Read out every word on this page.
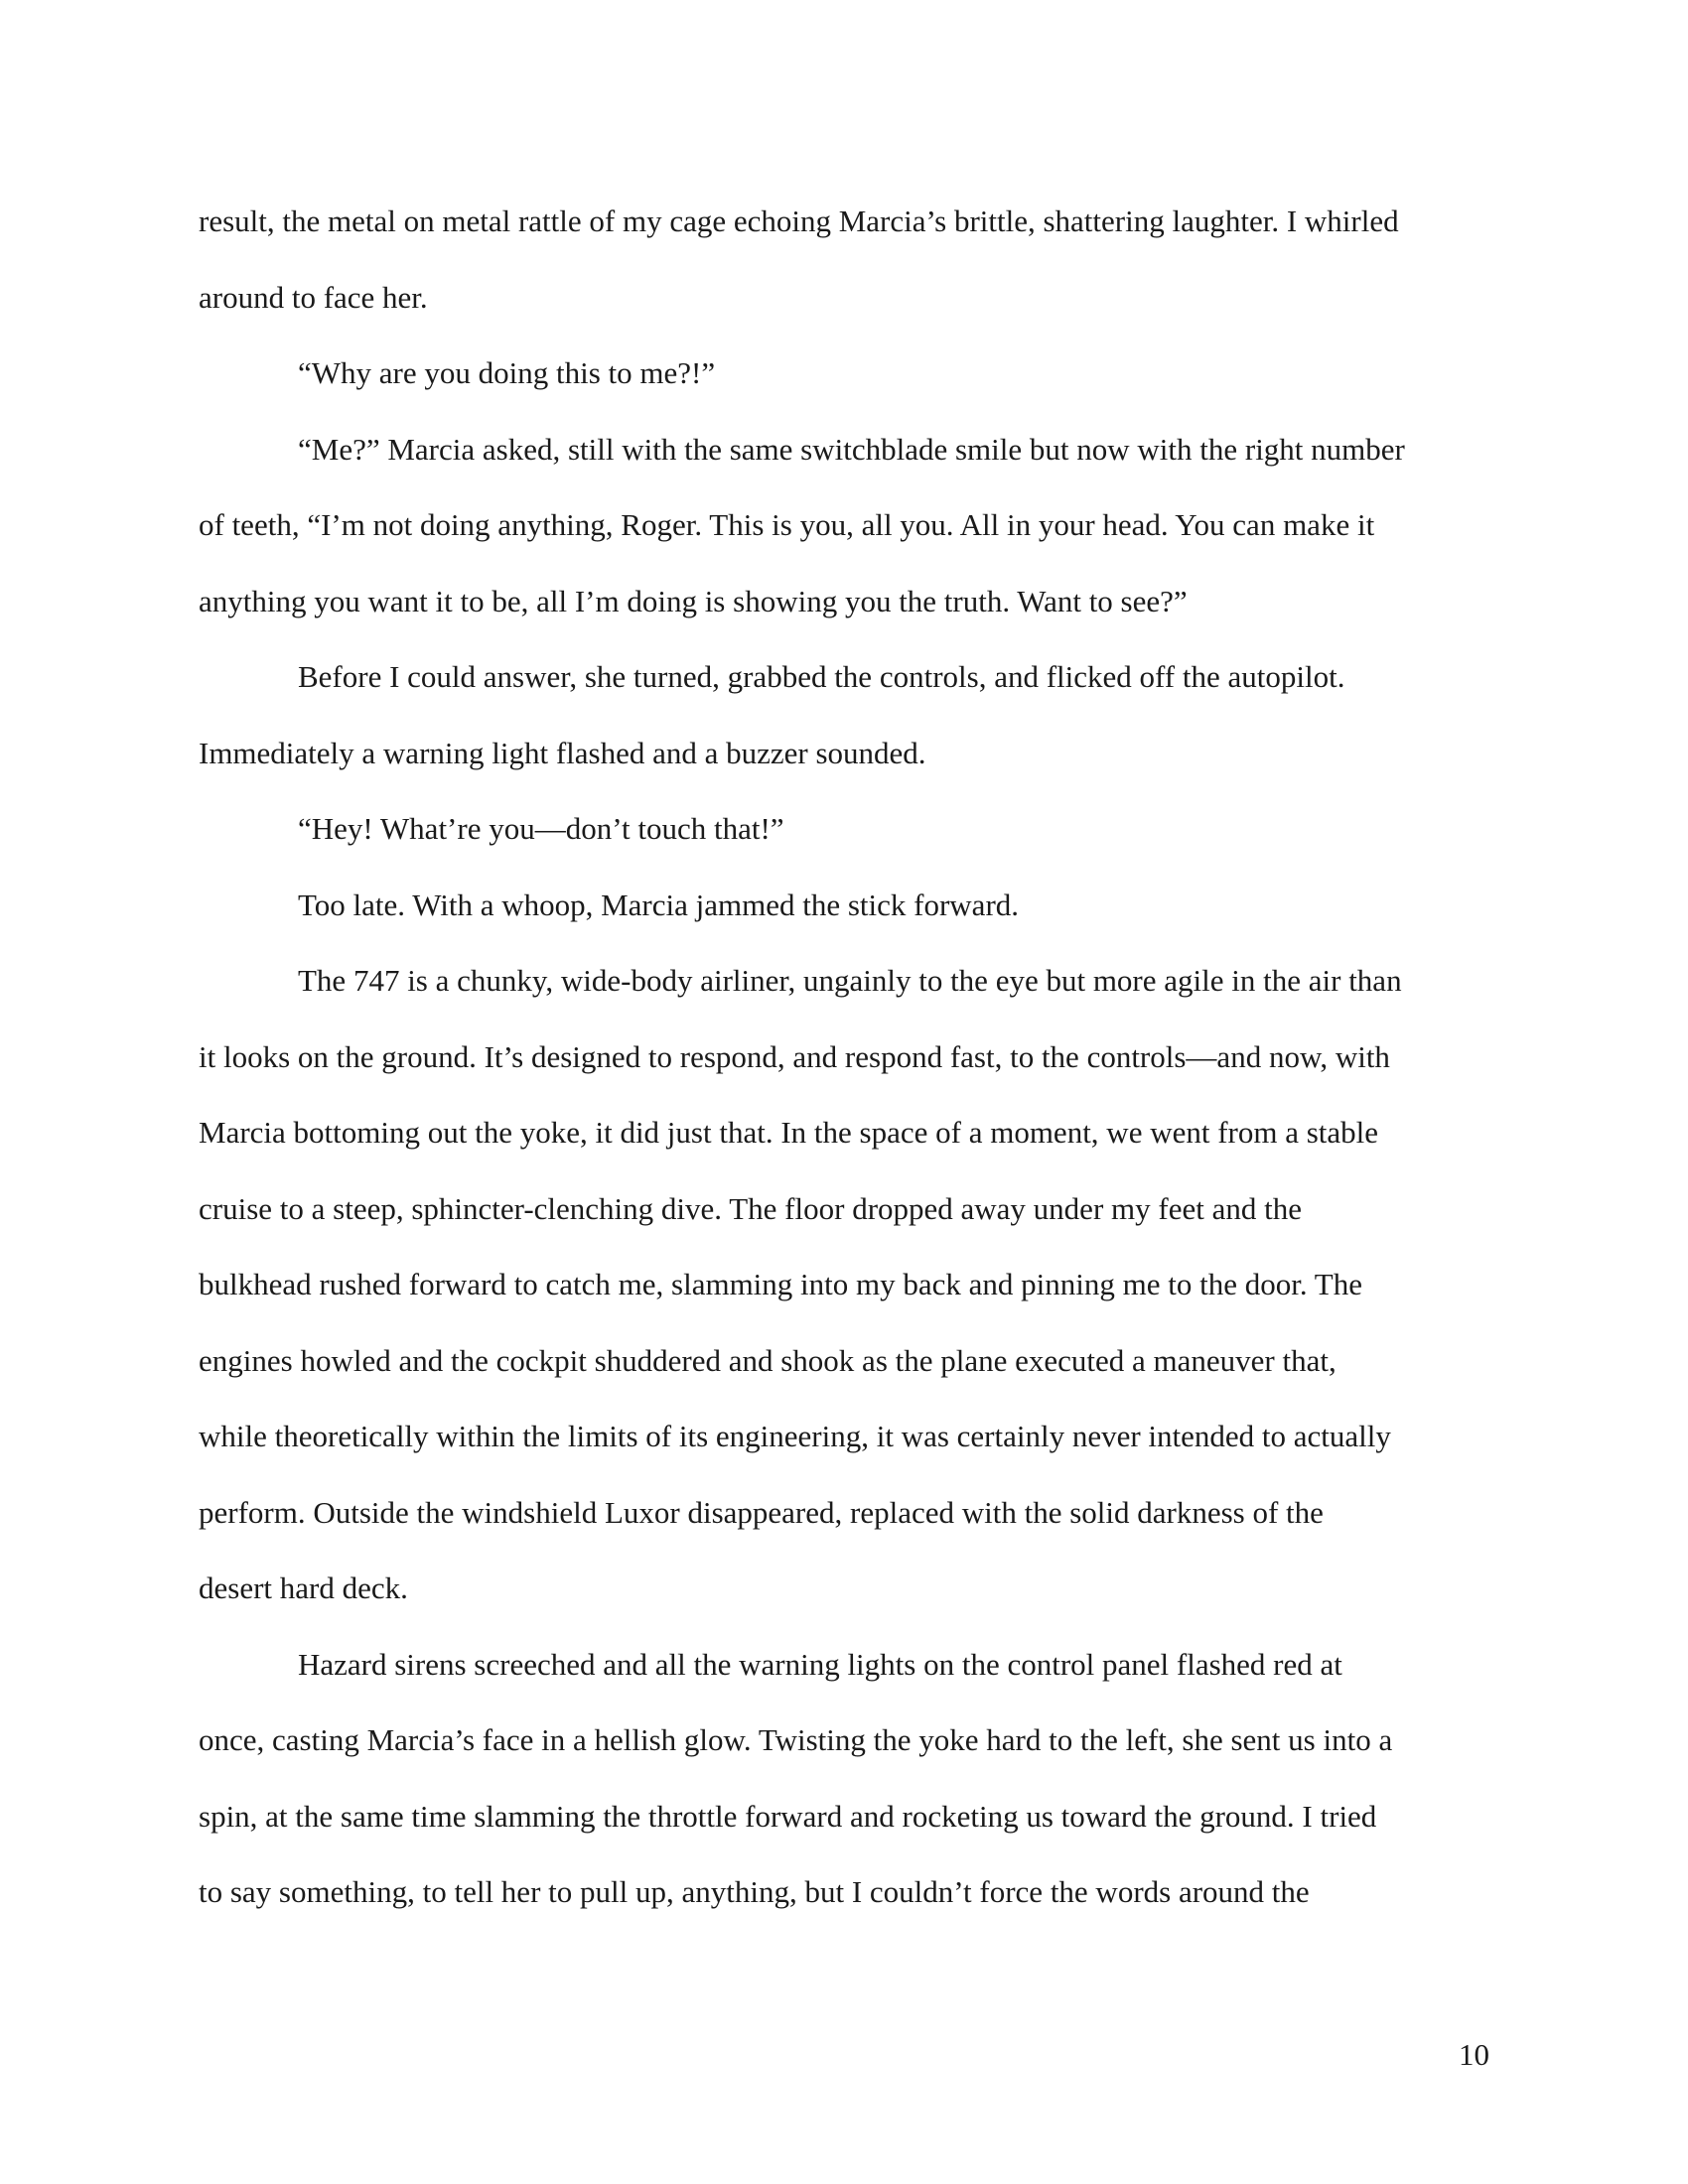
result, the metal on metal rattle of my cage echoing Marcia’s brittle, shattering laughter. I whirled
around to face her.

“Why are you doing this to me?!”

“Me?” Marcia asked, still with the same switchblade smile but now with the right number
of teeth, “I’m not doing anything, Roger. This is you, all you. All in your head. You can make it
anything you want it to be, all I’m doing is showing you the truth. Want to see?”

Before I could answer, she turned, grabbed the controls, and flicked off the autopilot.
Immediately a warning light flashed and a buzzer sounded.

“Hey! What’re you—don’t touch that!”

Too late. With a whoop, Marcia jammed the stick forward.

The 747 is a chunky, wide-body airliner, ungainly to the eye but more agile in the air than
it looks on the ground. It’s designed to respond, and respond fast, to the controls—and now, with
Marcia bottoming out the yoke, it did just that. In the space of a moment, we went from a stable
cruise to a steep, sphincter-clenching dive. The floor dropped away under my feet and the
bulkhead rushed forward to catch me, slamming into my back and pinning me to the door. The
engines howled and the cockpit shuddered and shook as the plane executed a maneuver that,
while theoretically within the limits of its engineering, it was certainly never intended to actually
perform. Outside the windshield Luxor disappeared, replaced with the solid darkness of the
desert hard deck.

Hazard sirens screeched and all the warning lights on the control panel flashed red at
once, casting Marcia’s face in a hellish glow. Twisting the yoke hard to the left, she sent us into a
spin, at the same time slamming the throttle forward and rocketing us toward the ground. I tried
to say something, to tell her to pull up, anything, but I couldn’t force the words around the

10
